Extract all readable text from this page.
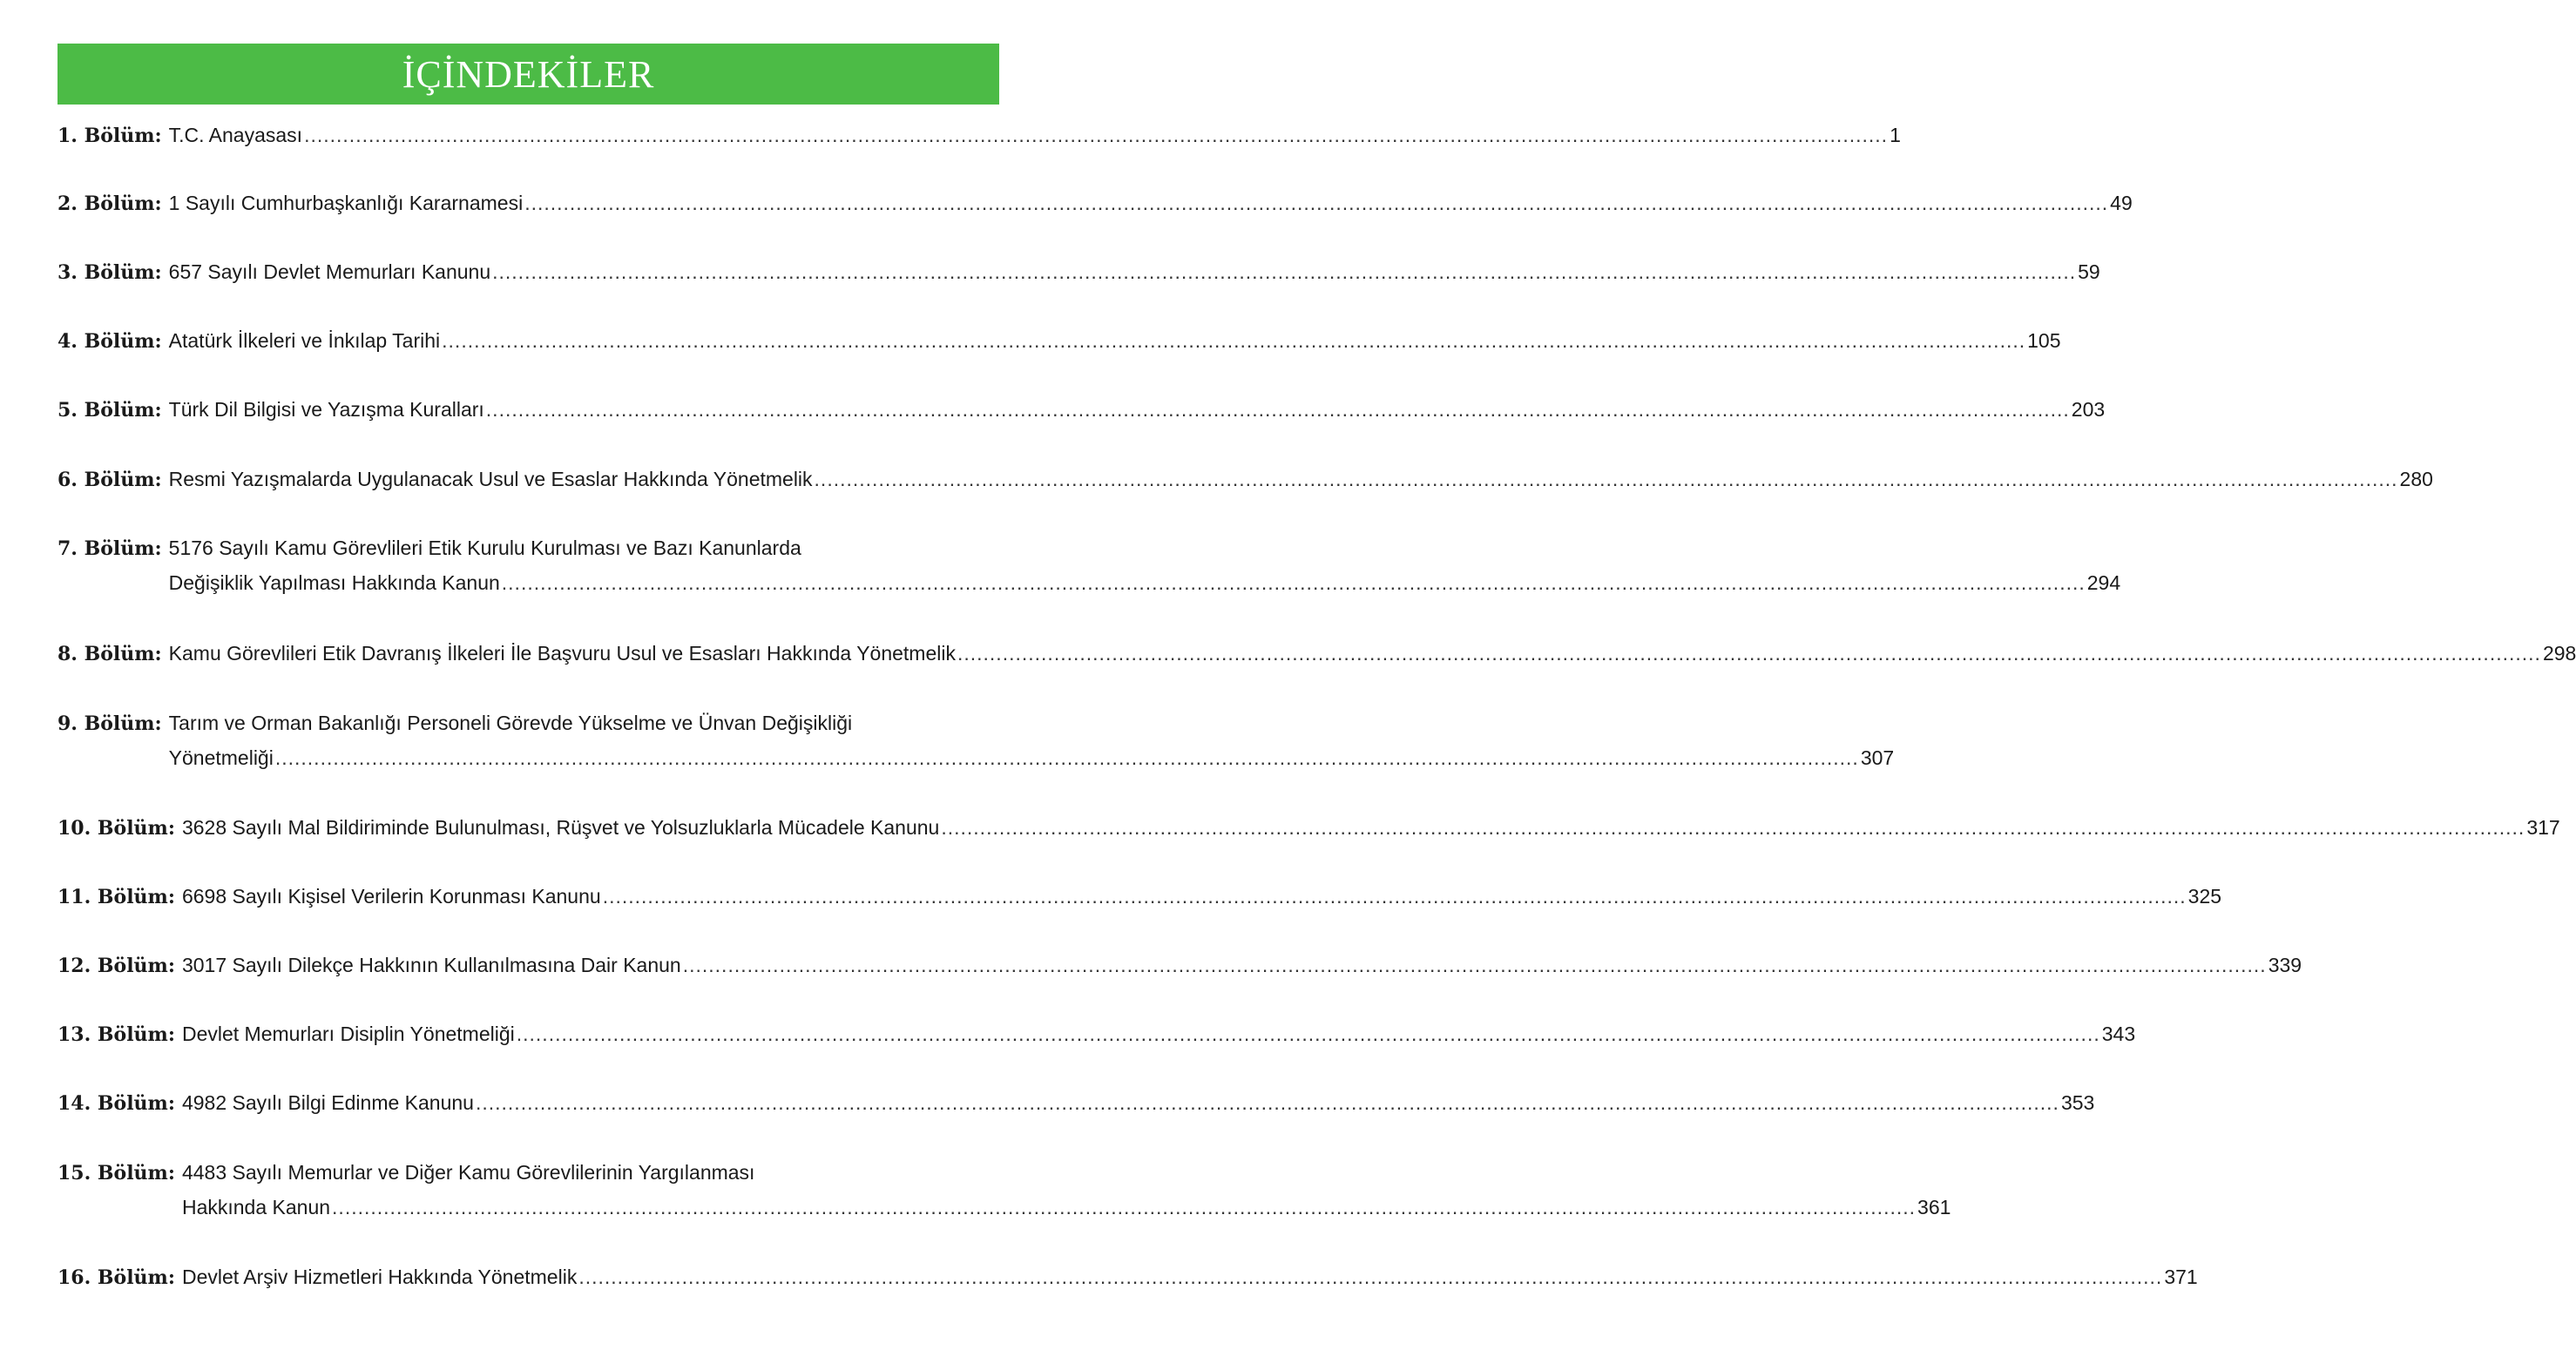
İÇİNDEKİLER
1. Bölüm: T.C. Anayasası .....	1
2. Bölüm: 1 Sayılı Cumhurbaşkanlığı Kararnamesi .....	49
3. Bölüm: 657 Sayılı Devlet Memurları Kanunu .....	59
4. Bölüm: Atatürk İlkeleri ve İnkılap Tarihi .....	105
5. Bölüm: Türk Dil Bilgisi ve Yazışma Kuralları .....	203
6. Bölüm: Resmi Yazışmalarda Uygulanacak Usul ve Esaslar Hakkında Yönetmelik .....	280
7. Bölüm: 5176 Sayılı Kamu Görevlileri Etik Kurulu Kurulması ve Bazı Kanunlarda
Değişiklik Yapılması Hakkında Kanun .....	294
8. Bölüm: Kamu Görevlileri Etik Davranış İlkeleri İle Başvuru Usul ve Esasları Hakkında Yönetmelik .....	298
9. Bölüm: Tarım ve Orman Bakanlığı Personeli Görevde Yükselme ve Ünvan Değişikliği
Yönetmeliği .....	307
10. Bölüm: 3628 Sayılı Mal Bildiriminde Bulunulması, Rüşvet ve Yolsuzluklarla Mücadele Kanunu .....	317
11. Bölüm: 6698 Sayılı Kişisel Verilerin Korunması Kanunu .....	325
12. Bölüm: 3017 Sayılı Dilekçe Hakkının Kullanılmasına Dair Kanun .....	339
13. Bölüm: Devlet Memurları Disiplin Yönetmeliği .....	343
14. Bölüm: 4982 Sayılı Bilgi Edinme Kanunu .....	353
15. Bölüm: 4483 Sayılı Memurlar ve Diğer Kamu Görevlilerinin Yargılanması
Hakkında Kanun .....	361
16. Bölüm: Devlet Arşiv Hizmetleri Hakkında Yönetmelik .....	371
